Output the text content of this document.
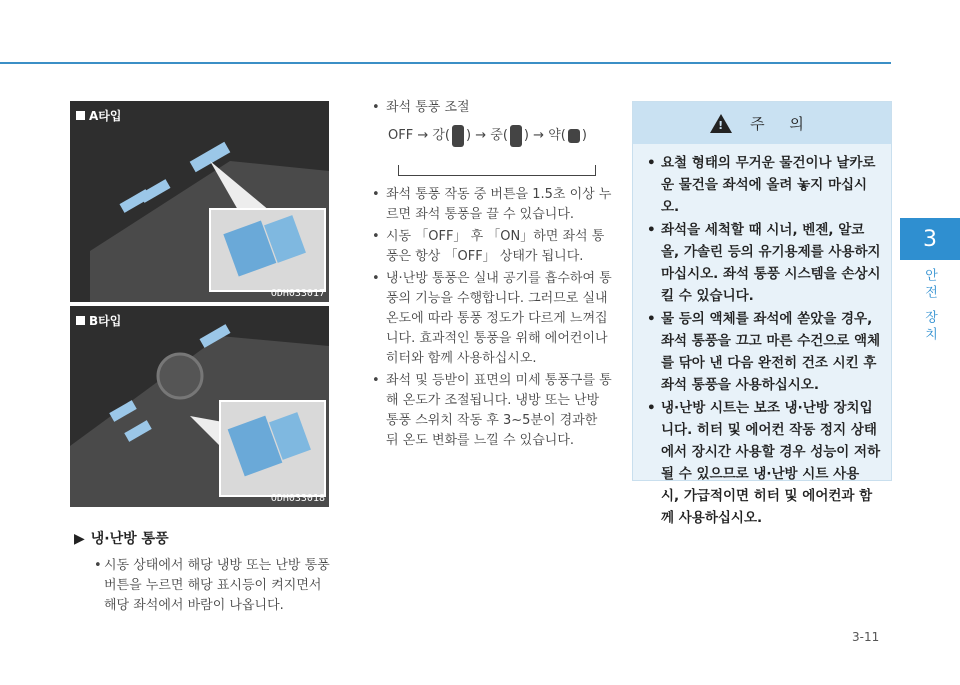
3
안전 장치
A타입
ODH033017
B타입
ODH033018
▶ 냉·난방 통풍
• 시동 상태에서 해당 냉방 또는 난방 통풍 버튼을 누르면 해당 표시등이 켜지면서 해당 좌석에서 바람이 나옵니다.
• 좌석 통풍 조절
OFF → 강( ) → 중( ) → 약( )
• 좌석 통풍 작동 중 버튼을 1.5초 이상 누르면 좌석 통풍을 끌 수 있습니다.
• 시동 「OFF」 후 「ON」하면 좌석 통풍은 항상 「OFF」 상태가 됩니다.
• 냉·난방 통풍은 실내 공기를 흡수하여 통풍의 기능을 수행합니다. 그러므로 실내 온도에 따라 통풍 정도가 다르게 느껴집니다. 효과적인 통풍을 위해 에어컨이나 히터와 함께 사용하십시오.
• 좌석 및 등받이 표면의 미세 통풍구를 통해 온도가 조절됩니다. 냉방 또는 난방 통풍 스위치 작동 후 3~5분이 경과한 뒤 온도 변화를 느낄 수 있습니다.
! 주 의
• 요철 형태의 무거운 물건이나 날카로운 물건을 좌석에 올려 놓지 마십시오.
• 좌석을 세척할 때 시너, 벤젠, 알코올, 가솔린 등의 유기용제를 사용하지 마십시오. 좌석 통풍 시스템을 손상시킬 수 있습니다.
• 물 등의 액체를 좌석에 쏟았을 경우, 좌석 통풍을 끄고 마른 수건으로 액체를 닦아 낸 다음 완전히 건조 시킨 후 좌석 통풍을 사용하십시오.
• 냉·난방 시트는 보조 냉·난방 장치입니다. 히터 및 에어컨 작동 정지 상태에서 장시간 사용할 경우 성능이 저하될 수 있으므로 냉·난방 시트 사용 시, 가급적이면 히터 및 에어컨과 함께 사용하십시오.
3-11
